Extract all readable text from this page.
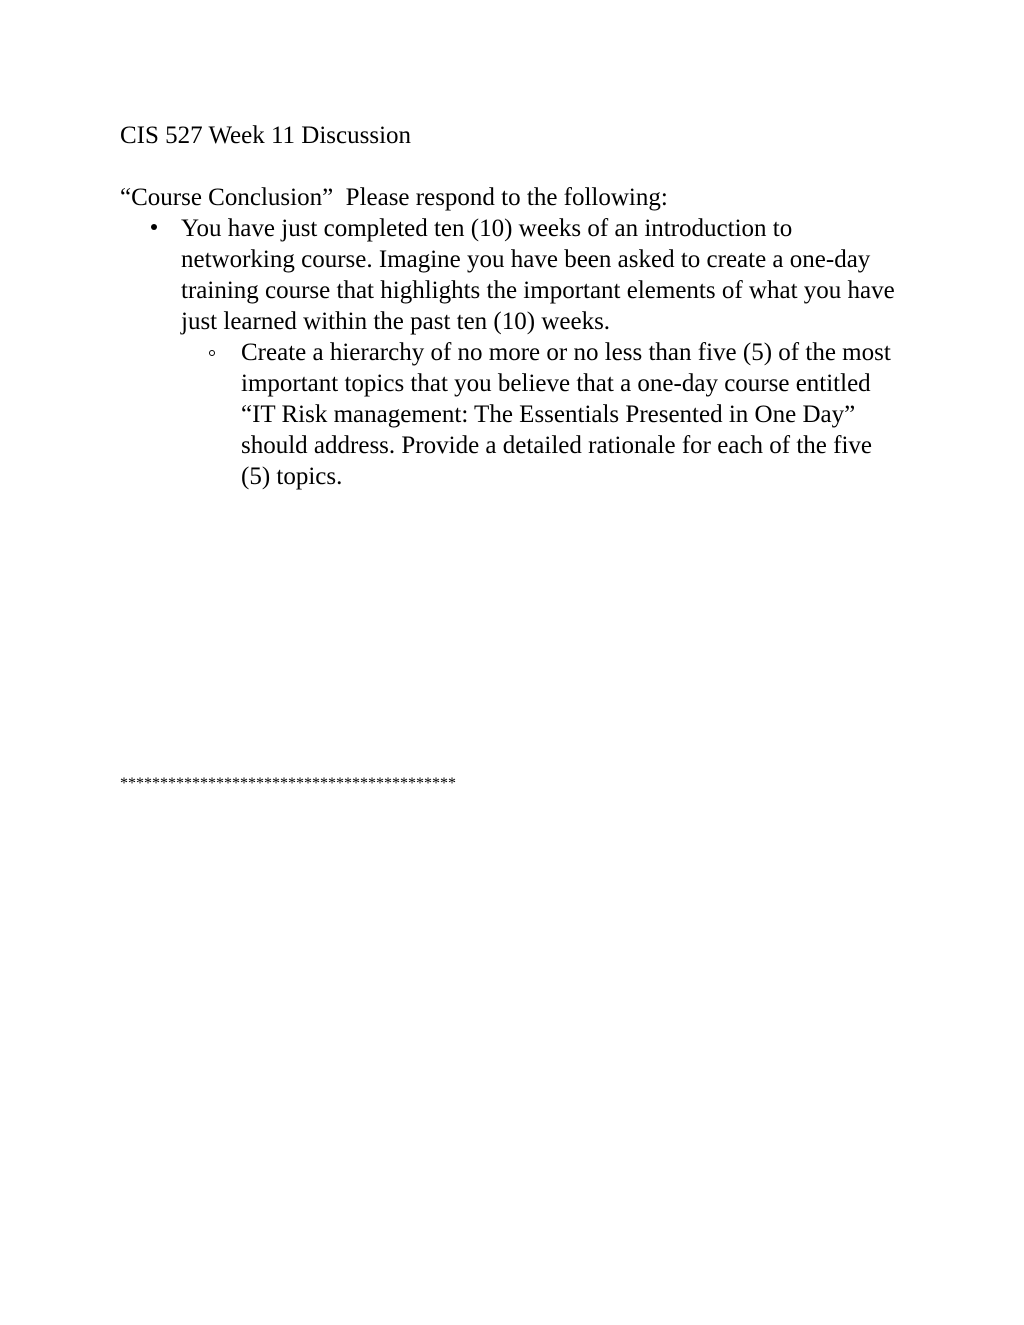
CIS 527 Week 11 Discussion
“Course Conclusion”  Please respond to the following:
You have just completed ten (10) weeks of an introduction to networking course. Imagine you have been asked to create a one-day training course that highlights the important elements of what you have just learned within the past ten (10) weeks.
Create a hierarchy of no more or no less than five (5) of the most important topics that you believe that a one-day course entitled “IT Risk management: The Essentials Presented in One Day” should address. Provide a detailed rationale for each of the five (5) topics.
******************************************
